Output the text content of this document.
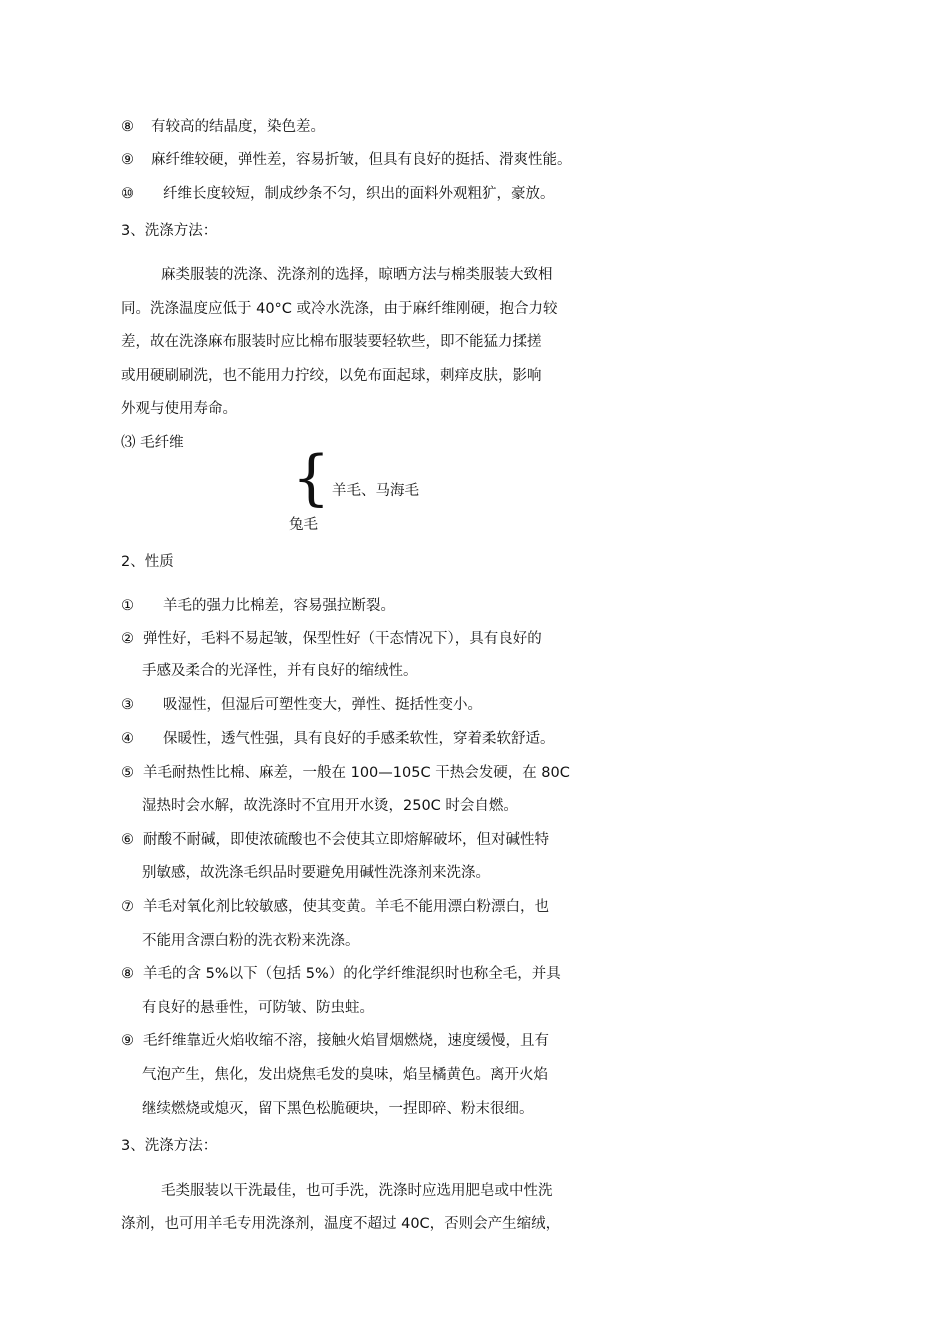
⑧ 有较高的结晶度，染色差。
⑨ 麻纤维较硬，弹性差，容易折皱，但具有良好的挺括、滑爽性能。
⑩ 纤维长度较短，制成纱条不匀，织出的面料外观粗犷，豪放。
3、洗涤方法：
麻类服装的洗涤、洗涤剂的选择，晾晒方法与棉类服装大致相
同。洗涤温度应低于 40°C 或冷水洗涤，由于麻纤维刚硬，抱合力较
差，故在洗涤麻布服装时应比棉布服装要轻软些，即不能猛力揉搓
或用硬刷刷洗，也不能用力拧绞，以免布面起球，刺痒皮肤，影响
外观与使用寿命。
⑶ 毛纤维 { 羊毛、马海毛
兔毛
2、性质
① 羊毛的强力比棉差，容易强拉断裂。
② 弹性好，毛料不易起皱，保型性好（干态情况下），具有良好的
手感及柔合的光泽性，并有良好的缩绒性。
③ 吸湿性，但湿后可塑性变大，弹性、挺括性变小。
④ 保暖性，透气性强，具有良好的手感柔软性，穿着柔软舒适。
⑤ 羊毛耐热性比棉、麻差，一般在 100—105C 干热会发硬，在 80C
湿热时会水解，故洗涤时不宜用开水烫，250C 时会自燃。
⑥ 耐酸不耐碱，即使浓硫酸也不会使其立即熔解破坏，但对碱性特
别敏感，故洗涤毛织品时要避免用碱性洗涤剂来洗涤。
⑦ 羊毛对氧化剂比较敏感，使其变黄。羊毛不能用漂白粉漂白，也
不能用含漂白粉的洗衣粉来洗涤。
⑧ 羊毛的含 5%以下（包括 5%）的化学纤维混织时也称全毛，并具
有良好的悬垂性，可防皱、防虫蛀。
⑨ 毛纤维靠近火焰收缩不溶，接触火焰冒烟燃烧，速度缓慢，且有
气泡产生，焦化，发出烧焦毛发的臭味，焰呈橘黄色。离开火焰
继续燃烧或熄灭，留下黑色松脆硬块，一捏即碎、粉末很细。
3、洗涤方法：
毛类服装以干洗最佳，也可手洗，洗涤时应选用肥皂或中性洗
涤剂，也可用羊毛专用洗涤剂，温度不超过 40C，否则会产生缩绒，
